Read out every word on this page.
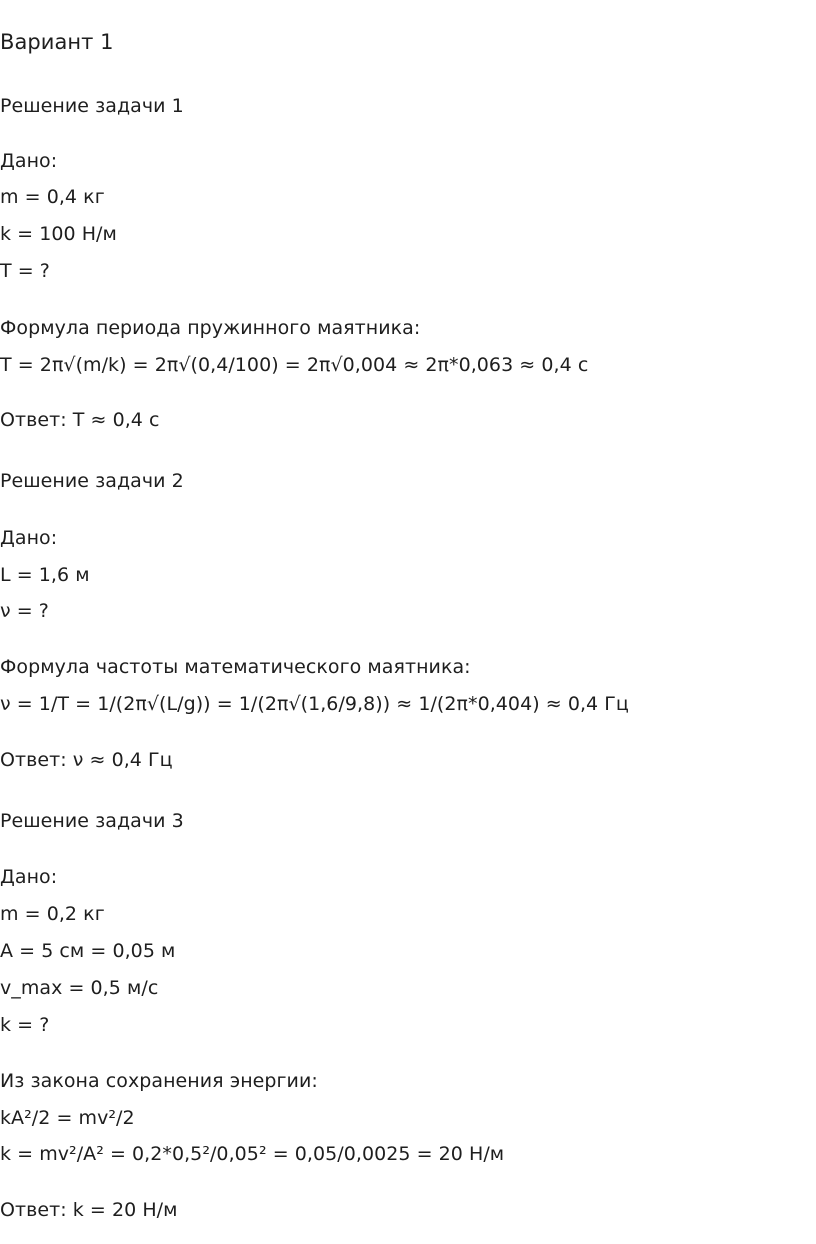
Вариант 1
Решение задачи 1
Дано:
m = 0,4 кг
k = 100 Н/м
T = ?
Формула периода пружинного маятника:
T = 2π√(m/k) = 2π√(0,4/100) = 2π√0,004 ≈ 2π*0,063 ≈ 0,4 с
Ответ: T ≈ 0,4 с
Решение задачи 2
Дано:
L = 1,6 м
ν = ?
Формула частоты математического маятника:
ν = 1/T = 1/(2π√(L/g)) = 1/(2π√(1,6/9,8)) ≈ 1/(2π*0,404) ≈ 0,4 Гц
Ответ: ν ≈ 0,4 Гц
Решение задачи 3
Дано:
m = 0,2 кг
A = 5 см = 0,05 м
v_max = 0,5 м/с
k = ?
Из закона сохранения энергии:
kA²/2 = mv²/2
k = mv²/A² = 0,2*0,5²/0,05² = 0,05/0,0025 = 20 Н/м
Ответ: k = 20 Н/м
